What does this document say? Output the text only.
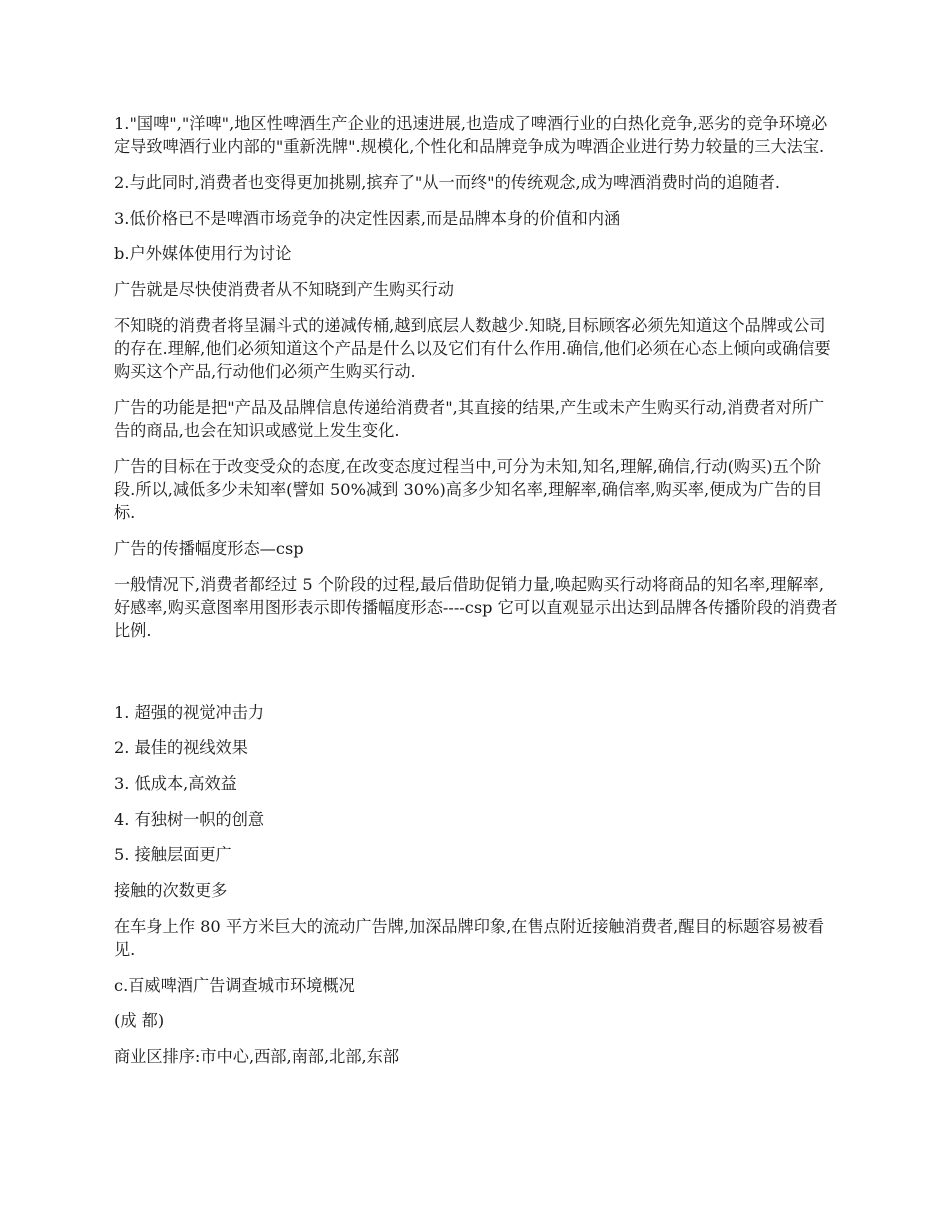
1."国啤","洋啤",地区性啤酒生产企业的迅速进展,也造成了啤酒行业的白热化竞争,恶劣的竞争环境必定导致啤酒行业内部的"重新洗牌".规模化,个性化和品牌竞争成为啤酒企业进行势力较量的三大法宝.

2.与此同时,消费者也变得更加挑剔,摈弃了"从一而终"的传统观念,成为啤酒消费时尚的追随者.

3.低价格已不是啤酒市场竞争的决定性因素,而是品牌本身的价值和内涵

b.户外媒体使用行为讨论

广告就是尽快使消费者从不知晓到产生购买行动

不知晓的消费者将呈漏斗式的递减传桶,越到底层人数越少.知晓,目标顾客必须先知道这个品牌或公司的存在.理解,他们必须知道这个产品是什么以及它们有什么作用.确信,他们必须在心态上倾向或确信要购买这个产品,行动他们必须产生购买行动.

广告的功能是把"产品及品牌信息传递给消费者",其直接的结果,产生或未产生购买行动,消费者对所广告的商品,也会在知识或感觉上发生变化.

广告的目标在于改变受众的态度,在改变态度过程当中,可分为未知,知名,理解,确信,行动(购买)五个阶段.所以,减低多少未知率(譬如 50%减到 30%)高多少知名率,理解率,确信率,购买率,便成为广告的目标.

广告的传播幅度形态—csp

一般情况下,消费者都经过 5 个阶段的过程,最后借助促销力量,唤起购买行动将商品的知名率,理解率,好感率,购买意图率用图形表示即传播幅度形态----csp 它可以直观显示出达到品牌各传播阶段的消费者比例.

1. 超强的视觉冲击力

2. 最佳的视线效果

3. 低成本,高效益

4. 有独树一帜的创意

5. 接触层面更广

接触的次数更多

在车身上作 80 平方米巨大的流动广告牌,加深品牌印象,在售点附近接触消费者,醒目的标题容易被看见.

c.百威啤酒广告调查城市环境概况

(成 都)

商业区排序:市中心,西部,南部,北部,东部
